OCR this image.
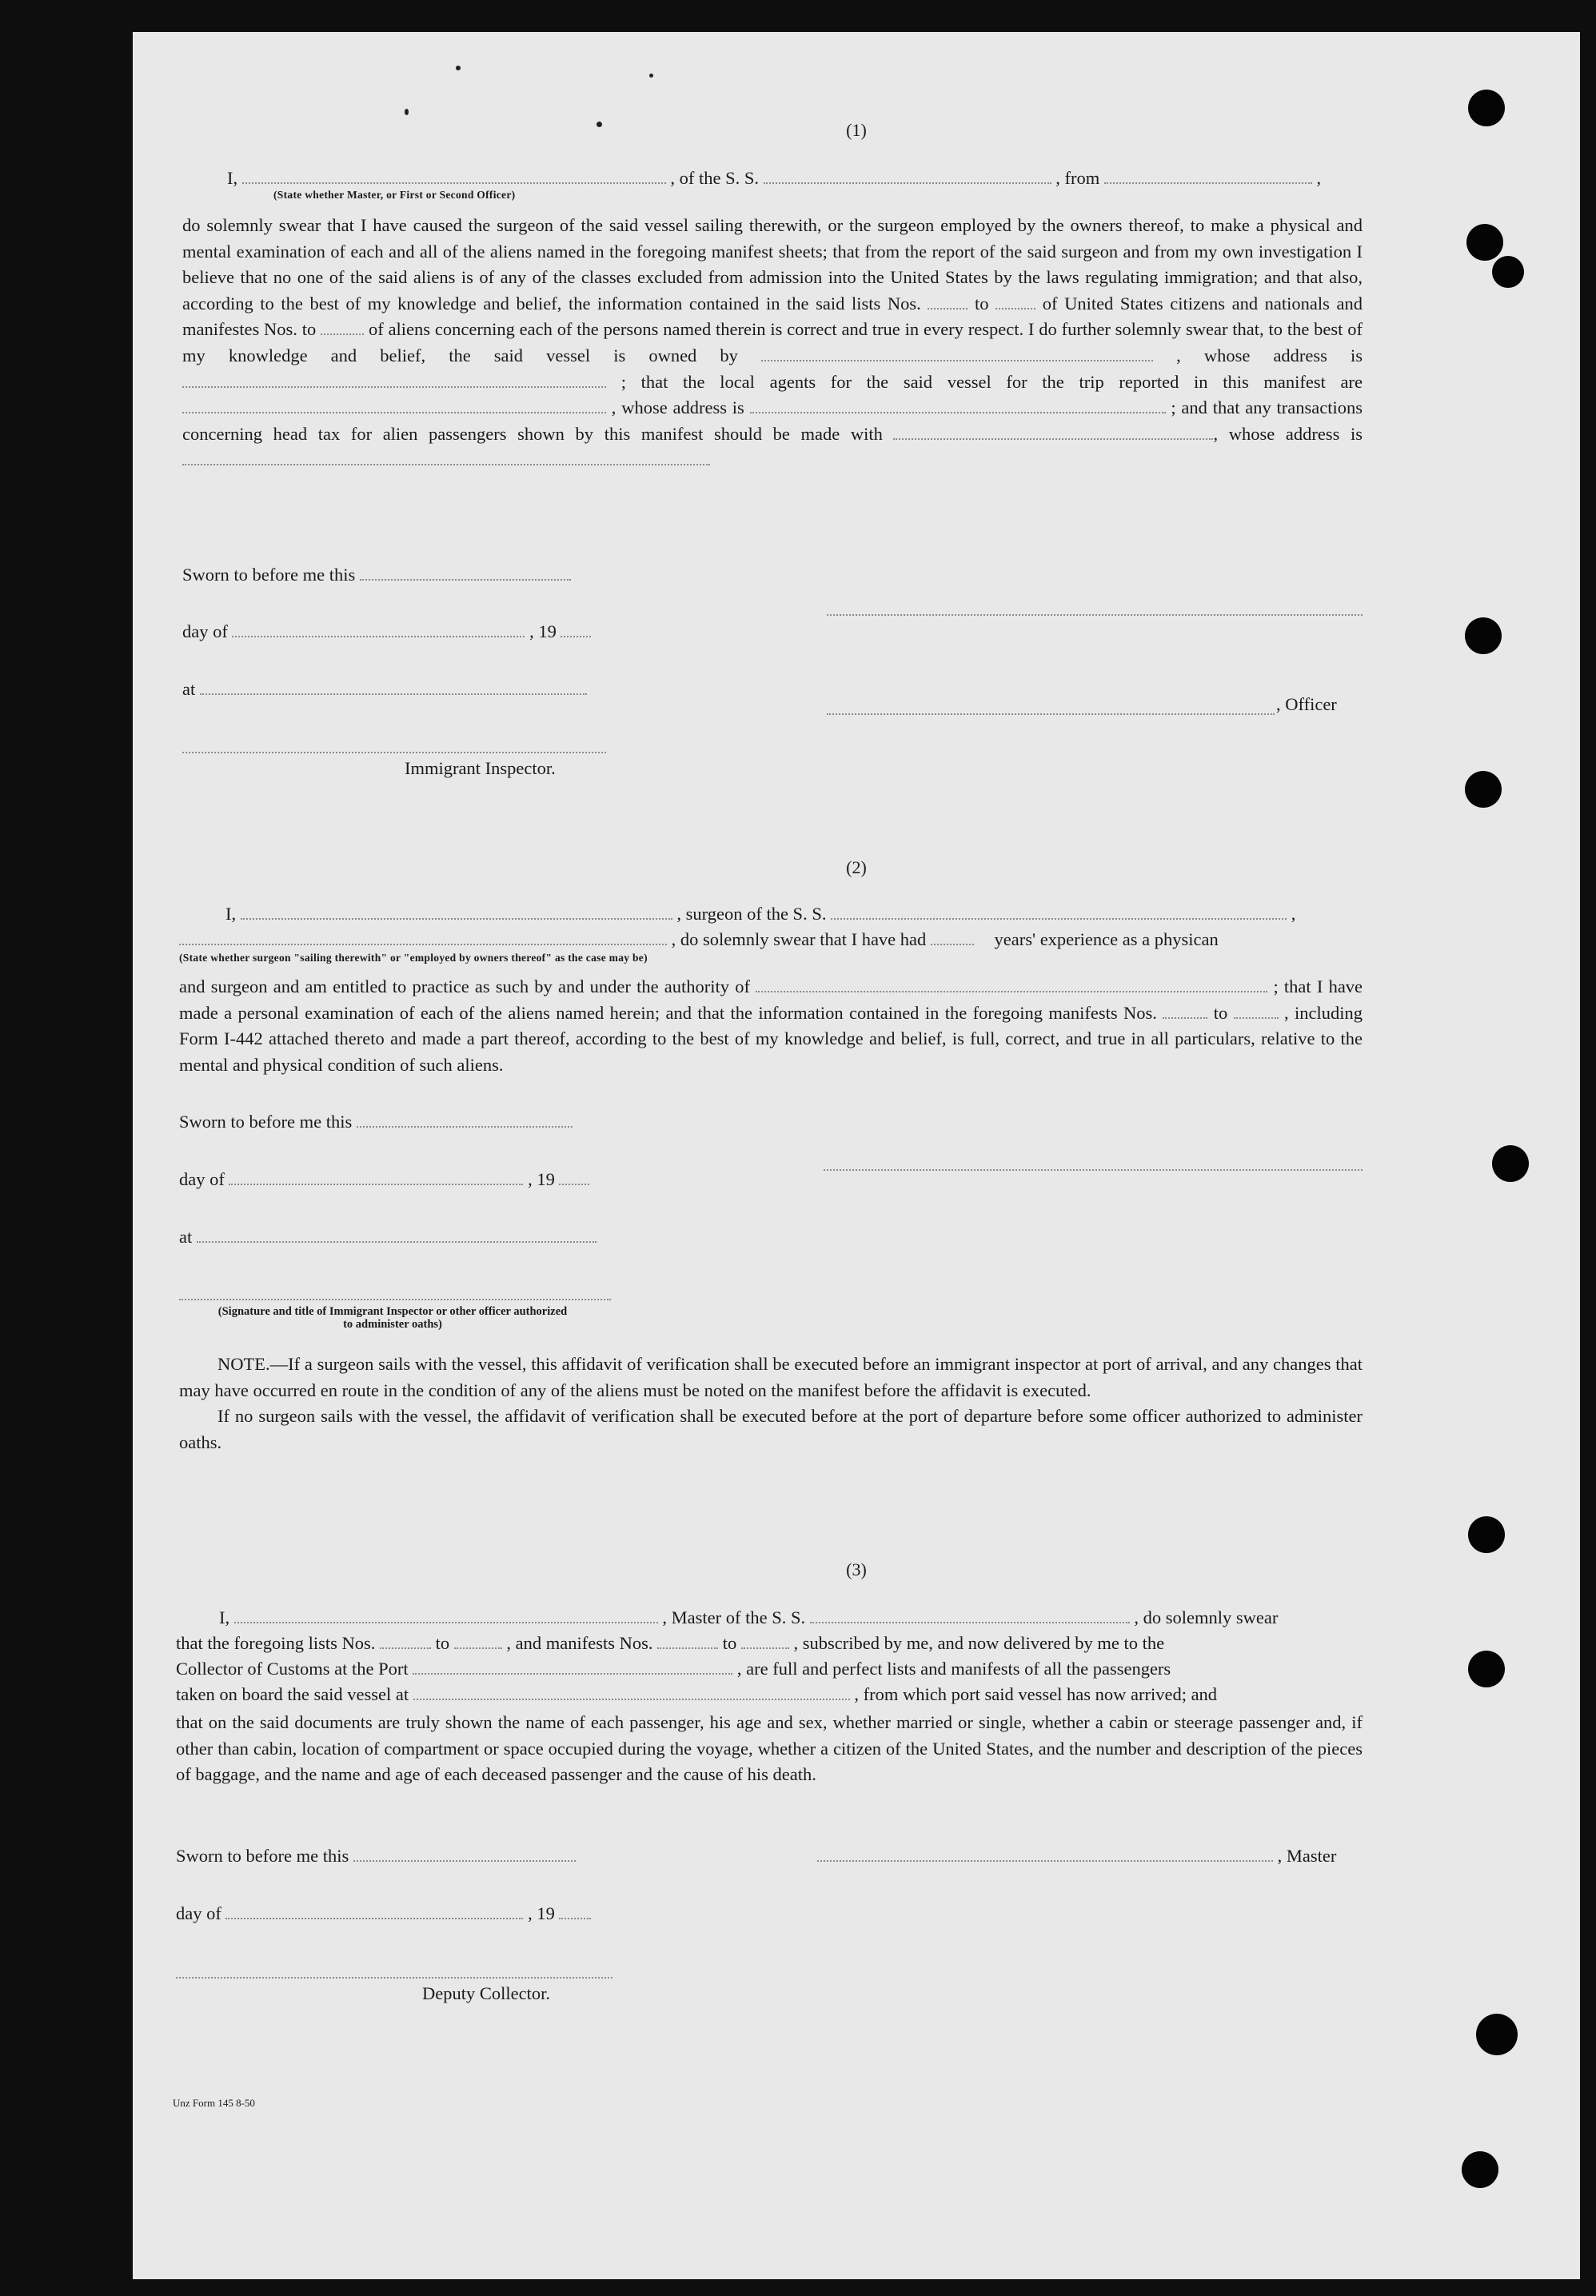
(1)
I,	, of the S. S.	, from	,
(State whether Master, or First or Second Officer)

do solemnly swear that I have caused the surgeon of the said vessel sailing therewith, or the surgeon employed by the owners thereof, to make a physical and mental examination of each and all of the aliens named in the foregoing manifest sheets; that from the report of the said surgeon and from my own investigation I believe that no one of the said aliens is of any of the classes excluded from admission into the United States by the laws regulating immigration; and that also, according to the best of my knowledge and belief, the information contained in the said lists Nos.	to	of United States citizens and nationals and manifestes Nos. to	of aliens concerning each of the persons named therein is correct and true in every respect. I do further solemnly swear that, to the best of my knowledge and belief, the said vessel is owned by	, whose address is  ; that the local agents for the said vessel for the trip reported in this manifest are  , whose address is	; and that any transactions concerning head tax for alien passengers shown by this manifest should be made with	, whose address is

Sworn to before me this
day of	, 19
at
, Officer
Immigrant Inspector.
(2)
I,	, surgeon of the S. S.	,
, do solemnly swear that I have had	years' experience as a physican
(State whether surgeon "sailing therewith" or "employed by owners thereof" as the case may be)

and surgeon and am entitled to practice as such by and under the authority of	; that I have made a personal examination of each of the aliens named herein; and that the information contained in the foregoing manifests Nos.	to	, including Form I-442 attached thereto and made a part thereof, according to the best of my knowledge and belief, is full, correct, and true in all particulars, relative to the mental and physical condition of such aliens.

Sworn to before me this
day of	, 19
at
(Signature and title of Immigrant Inspector or other officer authorized to administer oaths)

NOTE.—If a surgeon sails with the vessel, this affidavit of verification shall be executed before an immigrant inspector at port of arrival, and any changes that may have occurred en route in the condition of any of the aliens must be noted on the manifest before the affidavit is executed.

If no surgeon sails with the vessel, the affidavit of verification shall be executed before at the port of departure before some officer authorized to administer oaths.

(3)
I,	, Master of the S. S.	, do solemnly swear
that the foregoing lists Nos.	to	, and manifests Nos.	to	, subscribed by me, and now delivered by me to the
Collector of Customs at the Port	, are full and perfect lists and manifests of all the passengers
taken on board the said vessel at	, from which port said vessel has now arrived; and

that on the said documents are truly shown the name of each passenger, his age and sex, whether married or single, whether a cabin or steerage passenger and, if other than cabin, location of compartment or space occupied during the voyage, whether a citizen of the United States, and the number and description of the pieces of baggage, and the name and age of each deceased passenger and the cause of his death.

Sworn to before me this	, Master
day of	, 19
Deputy Collector.
Unz Form 145 8-50
